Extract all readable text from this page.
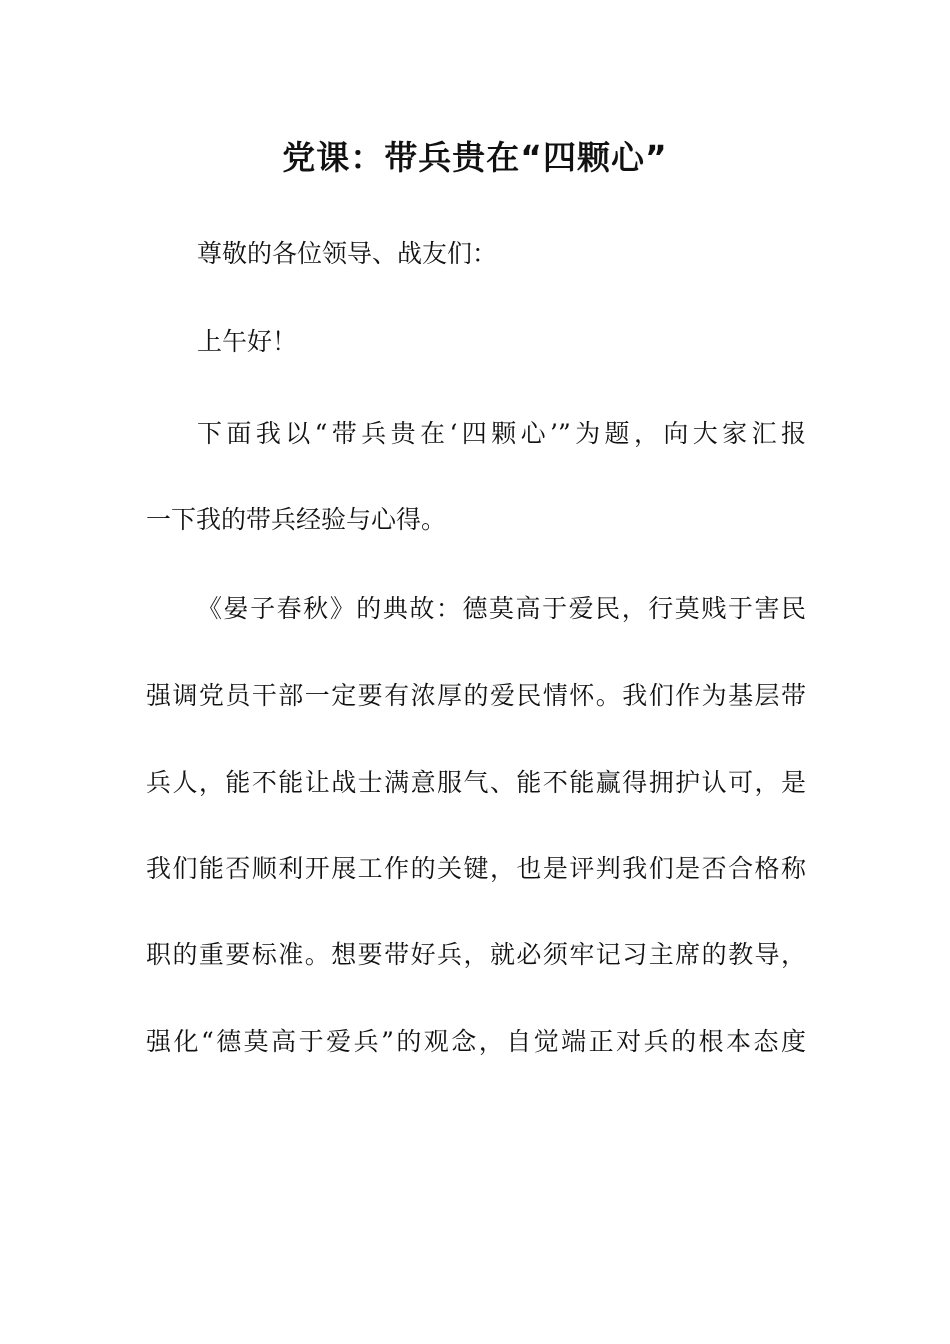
党课：带兵贵在“四颗心”

尊敬的各位领导、战友们：

上午好！

下面我以“带兵贵在‘四颗心’”为题，向大家汇报

一下我的带兵经验与心得。

《晏子春秋》的典故：德莫高于爱民，行莫贱于害民

强调党员干部一定要有浓厚的爱民情怀。我们作为基层带

兵人，能不能让战士满意服气、能不能赢得拥护认可，是

我们能否顺利开展工作的关键，也是评判我们是否合格称

职的重要标准。想要带好兵，就必须牢记习主席的教导，

强化“德莫高于爱兵”的观念，自觉端正对兵的根本态度
